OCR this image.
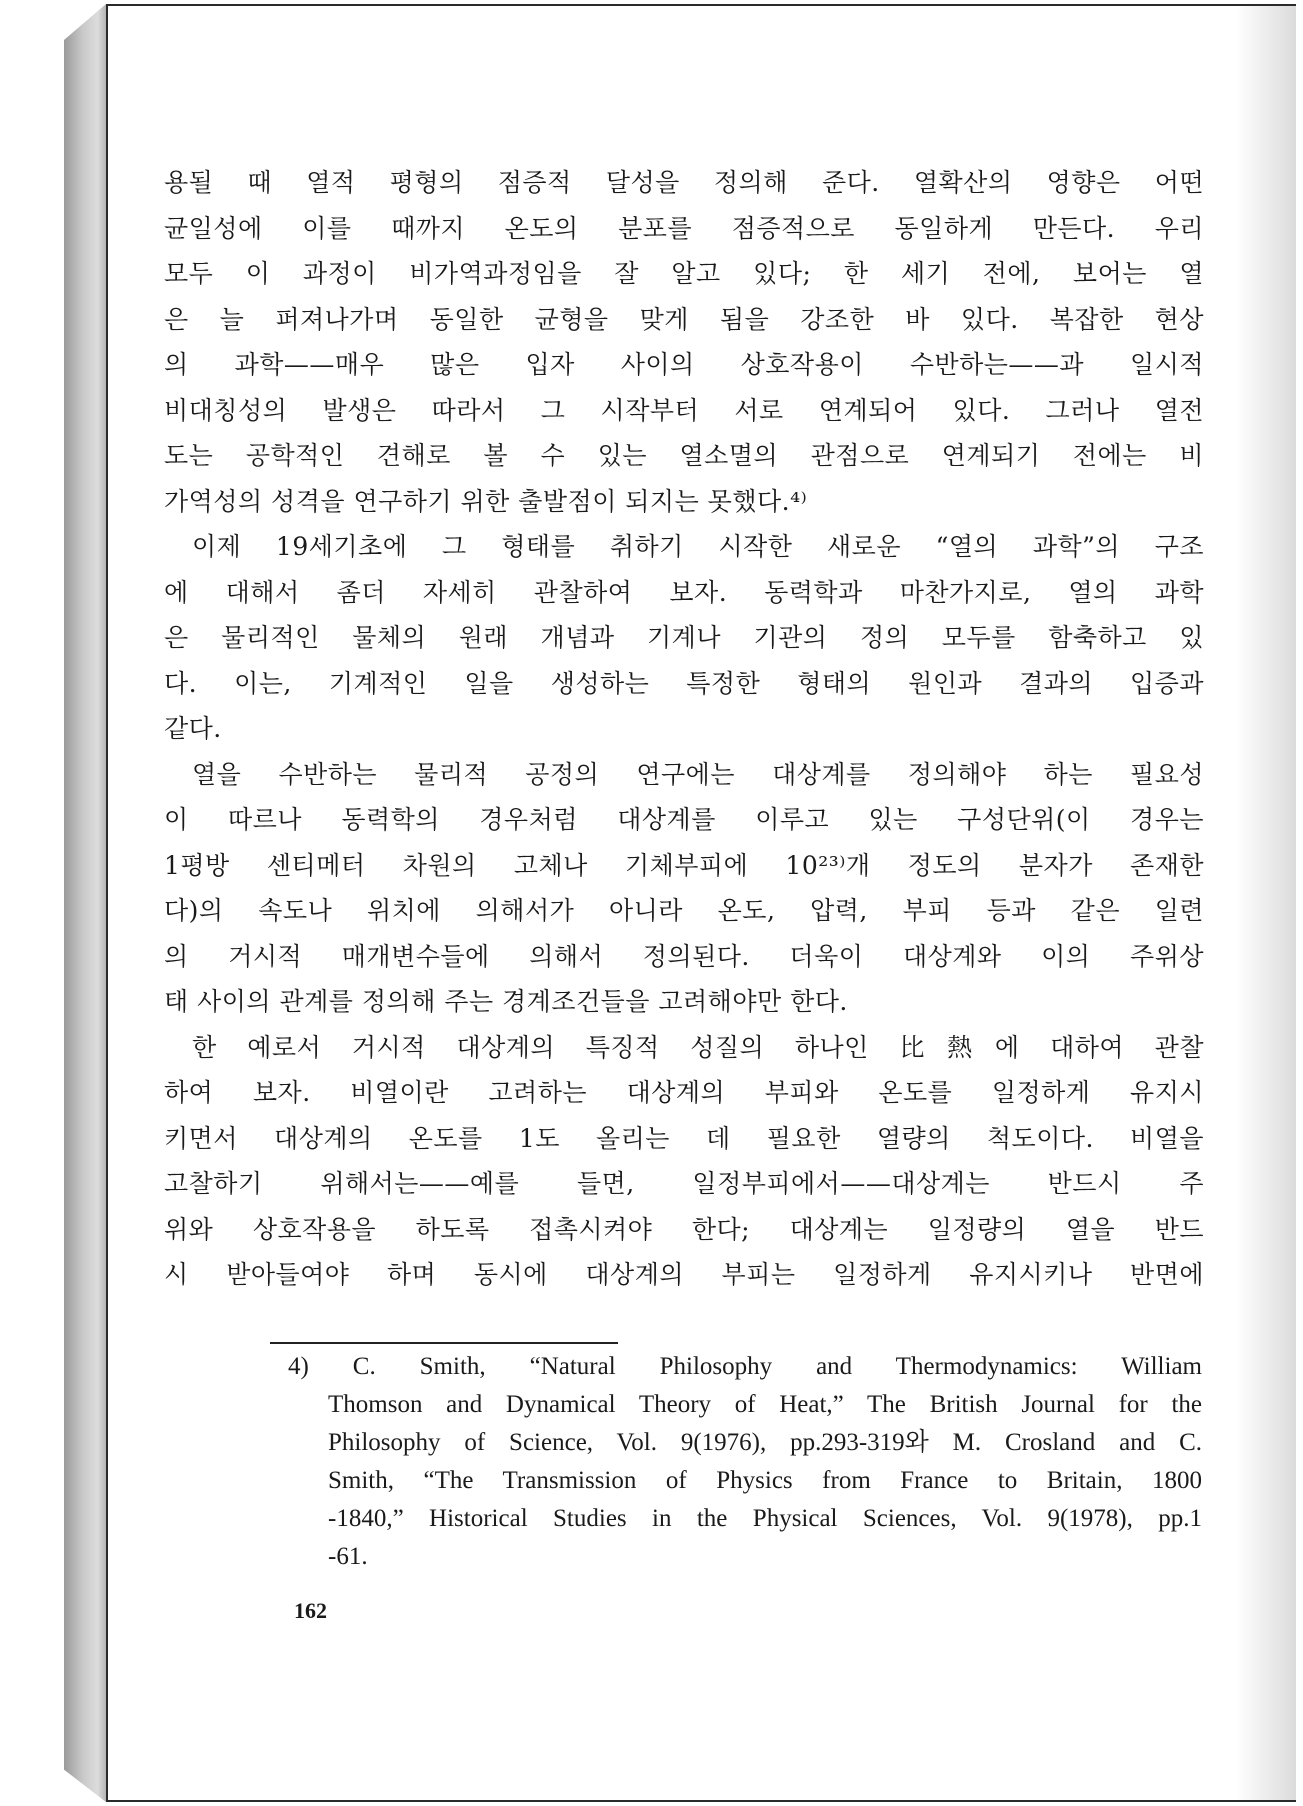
용될 때 열적 평형의 점증적 달성을 정의해 준다. 열확산의 영향은 어떤
균일성에 이를 때까지 온도의 분포를 점증적으로 동일하게 만든다. 우리
모두 이 과정이 비가역과정임을 잘 알고 있다; 한 세기 전에, 보어는 열
은 늘 퍼져나가며 동일한 균형을 맞게 됨을 강조한 바 있다. 복잡한 현상
의 과학——매우 많은 입자 사이의 상호작용이 수반하는——과 일시적
비대칭성의 발생은 따라서 그 시작부터 서로 연계되어 있다. 그러나 열전
도는 공학적인 견해로 볼 수 있는 열소멸의 관점으로 연계되기 전에는 비
가역성의 성격을 연구하기 위한 출발점이 되지는 못했다.⁴⁾
이제 19세기초에 그 형태를 취하기 시작한 새로운 “열의 과학”의 구조
에 대해서 좀더 자세히 관찰하여 보자. 동력학과 마찬가지로, 열의 과학
은 물리적인 물체의 원래 개념과 기계나 기관의 정의 모두를 함축하고 있
다. 이는, 기계적인 일을 생성하는 특정한 형태의 원인과 결과의 입증과
같다.
열을 수반하는 물리적 공정의 연구에는 대상계를 정의해야 하는 필요성
이 따르나 동력학의 경우처럼 대상계를 이루고 있는 구성단위(이 경우는
1평방 센티메터 차원의 고체나 기체부피에 10²³⁾개 정도의 분자가 존재한
다)의 속도나 위치에 의해서가 아니라 온도, 압력, 부피 등과 같은 일련
의 거시적 매개변수들에 의해서 정의된다. 더욱이 대상계와 이의 주위상
태 사이의 관계를 정의해 주는 경계조건들을 고려해야만 한다.
한 예로서 거시적 대상계의 특징적 성질의 하나인 比熱에 대하여 관찰
하여 보자. 비열이란 고려하는 대상계의 부피와 온도를 일정하게 유지시
키면서 대상계의 온도를 1도 올리는 데 필요한 열량의 척도이다. 비열을
고찰하기 위해서는——예를 들면, 일정부피에서——대상계는 반드시 주
위와 상호작용을 하도록 접촉시켜야 한다; 대상계는 일정량의 열을 반드
시 받아들여야 하며 동시에 대상계의 부피는 일정하게 유지시키나 반면에
4) C. Smith, “Natural Philosophy and Thermodynamics: William
Thomson and Dynamical Theory of Heat,” The British Journal for the
Philosophy of Science, Vol. 9(1976), pp.293-319와 M. Crosland and C.
Smith, “The Transmission of Physics from France to Britain, 1800
-1840,” Historical Studies in the Physical Sciences, Vol. 9(1978), pp.1
-61.
162
